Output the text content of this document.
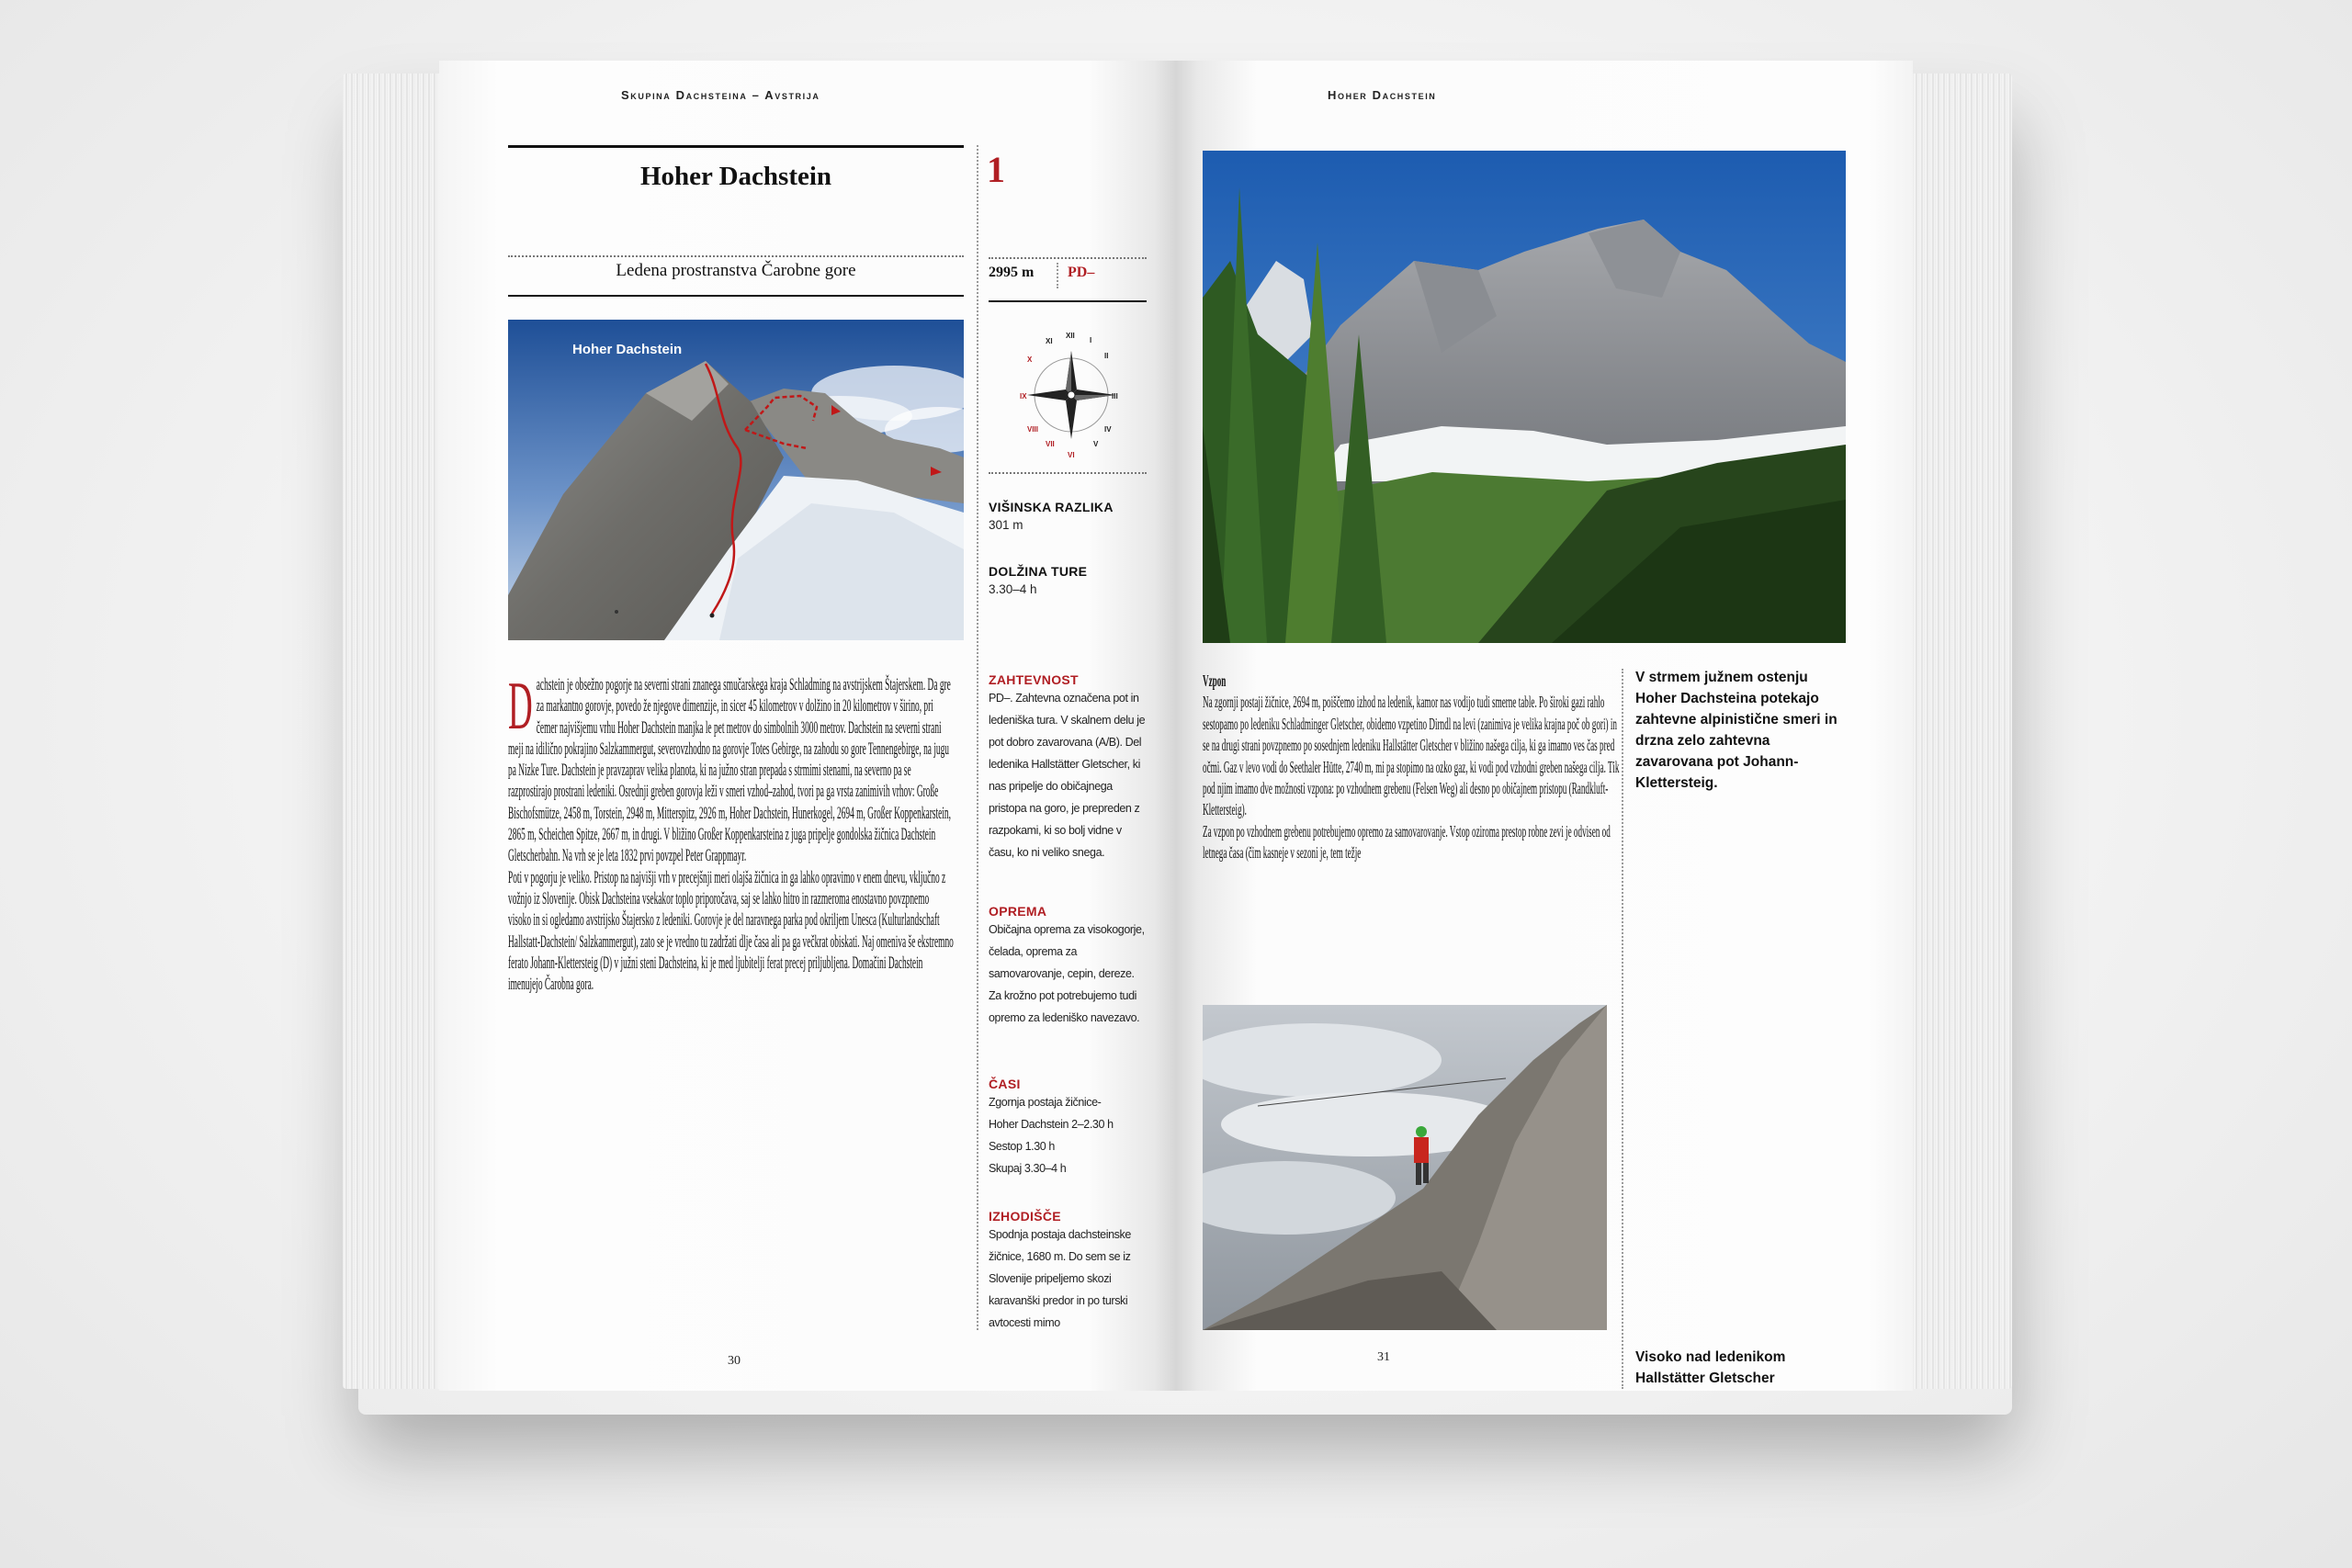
Skupina Dachsteina – Avstrija
Hoher Dachstein	1
Ledena prostranstva Čarobne gore	2995 m PD–
Hoher Dachstein
XII
I
II
III
IV
V
VI
VII
VIII
IX
X
XI
VIŠINSKA RAZLIKA
301 m
DOLŽINA TURE
3.30–4 h
ZAHTEVNOST
PD–. Zahtevna označena pot in ledeniška tura. V skalnem delu je pot dobro zavarovana (A/B). Del ledenika Hallstätter Gletscher, ki nas pripelje do običajnega pristopa na goro, je prepreden z razpokami, ki so bolj vidne v času, ko ni veliko snega.
OPREMA
Običajna oprema za visokogorje, čelada, oprema za samovarovanje, cepin, dereze. Za krožno pot potrebujemo tudi opremo za ledeniško navezavo.
ČASI
Zgornja postaja žičnice-
Hoher Dachstein 2–2.30 h
Sestop 1.30 h
Skupaj 3.30–4 h
IZHODIŠČE
Spodnja postaja dachsteinske žičnice, 1680 m. Do sem se iz Slovenije pripeljemo skozi karavanški predor in po turski avtocesti mimo
D achstein je obsežno pogorje na severni strani znanega smučarskega kraja Schladming na avstrijskem Štajerskem. Da gre za markantno gorovje, povedo že njegove dimenzije, in sicer 45 kilometrov v dolžino in 20 kilometrov v širino, pri čemer najvišjemu vrhu Hoher Dachstein manjka le pet metrov do simbolnih 3000 metrov. Dachstein na severni strani meji na idilično pokrajino Salzkammergut, severovzhodno na gorovje Totes Gebirge, na zahodu so gore Tennengebirge, na jugu pa Nizke Ture. Dachstein je pravzaprav velika planota, ki na južno stran prepada s strmimi stenami, na severno pa se razprostirajo prostrani ledeniki. Osrednji greben gorovja leži v smeri vzhod–zahod, tvori pa ga vrsta zanimivih vrhov: Große Bischofsmütze, 2458 m, Torstein, 2948 m, Mitterspitz, 2926 m, Hoher Dachstein, Hunerkogel, 2694 m, Großer Koppenkarstein, 2865 m, Scheichen Spitze, 2667 m, in drugi. V bližino Großer Koppenkarsteina z juga pripelje gondolska žičnica Dachstein Gletscherbahn. Na vrh se je leta 1832 prvi povzpel Peter Grappmayr.
Poti v pogorju je veliko. Pristop na najvišji vrh v precejšnji meri olajša žičnica in ga lahko opravimo v enem dnevu, vključno z vožnjo iz Slovenije. Obisk Dachsteina vsekakor toplo priporočava, saj se lahko hitro in razmeroma enostavno povzpnemo visoko in si ogledamo avstrijsko Štajersko z ledeniki. Gorovje je del naravnega parka pod okriljem Unesca (Kulturlandschaft Hallstatt-Dachstein/ Salzkammergut), zato se je vredno tu zadržati dlje časa ali pa ga večkrat obiskati. Naj omeniva še ekstremno ferato Johann-Klettersteig (D) v južni steni Dachsteina, ki je med ljubitelji ferat precej priljubljena. Domačini Dachstein imenujejo Čarobna gora.
30
Hoher Dachstein
Vzpon
Na zgornji postaji žičnice, 2694 m, poiščemo izhod na ledenik, kamor nas vodijo tudi smerne table. Po široki gazi rahlo sestopamo po ledeniku Schladminger Gletscher, obidemo vzpetino Dirndl na levi (zanimiva je velika krajna poč ob gori) in se na drugi strani povzpnemo po sosednjem ledeniku Hallstätter Gletscher v bližino našega cilja, ki ga imamo ves čas pred očmi. Gaz v levo vodi do Seethaler Hütte, 2740 m, mi pa stopimo na ozko gaz, ki vodi pod vzhodni greben našega cilja. Tik pod njim imamo dve možnosti vzpona: po vzhodnem grebenu (Felsen Weg) ali desno po običajnem pristopu (Randkluft-Klettersteig).
Za vzpon po vzhodnem grebenu potrebujemo opremo za samovarovanje. Vstop oziroma prestop robne zevi je odvisen od letnega časa (čim kasneje v sezoni je, tem težje
V strmem južnem ostenju Hoher Dachsteina potekajo zahtevne alpinistične smeri in drzna zelo zahtevna zavarovana pot Johann-Klettersteig.
Visoko nad ledenikom Hallstätter Gletscher
31
